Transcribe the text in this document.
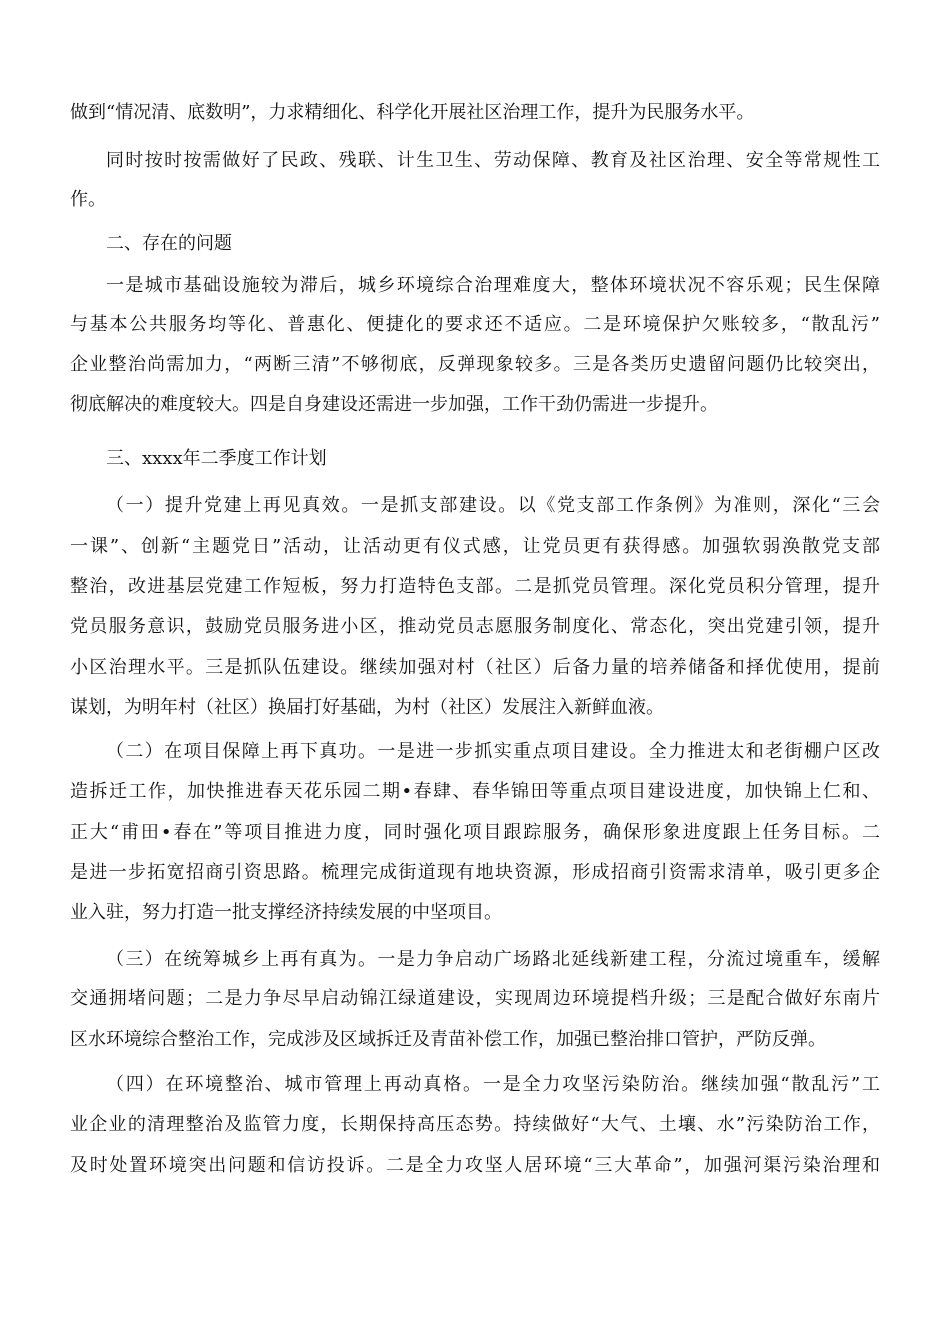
做到“情况清、底数明”，力求精细化、科学化开展社区治理工作，提升为民服务水平。
同时按时按需做好了民政、残联、计生卫生、劳动保障、教育及社区治理、安全等常规性工
作。
二、存在的问题
一是城市基础设施较为滞后，城乡环境综合治理难度大，整体环境状况不容乐观；民生保障
与基本公共服务均等化、普惠化、便捷化的要求还不适应。二是环境保护欠账较多，“散乱污”
企业整治尚需加力，“两断三清”不够彻底，反弹现象较多。三是各类历史遗留问题仍比较突出，
彻底解决的难度较大。四是自身建设还需进一步加强，工作干劲仍需进一步提升。
三、xxxx年二季度工作计划
（一）提升党建上再见真效。一是抓支部建设。以《党支部工作条例》为准则，深化“三会
一课”、创新“主题党日”活动，让活动更有仪式感，让党员更有获得感。加强软弱涣散党支部
整治，改进基层党建工作短板，努力打造特色支部。二是抓党员管理。深化党员积分管理，提升
党员服务意识，鼓励党员服务进小区，推动党员志愿服务制度化、常态化，突出党建引领，提升
小区治理水平。三是抓队伍建设。继续加强对村（社区）后备力量的培养储备和择优使用，提前
谋划，为明年村（社区）换届打好基础，为村（社区）发展注入新鲜血液。
（二）在项目保障上再下真功。一是进一步抓实重点项目建设。全力推进太和老街棚户区改
造拆迁工作，加快推进春天花乐园二期•春肆、春华锦田等重点项目建设进度，加快锦上仁和、
正大“甫田•春在”等项目推进力度，同时强化项目跟踪服务，确保形象进度跟上任务目标。二
是进一步拓宽招商引资思路。梳理完成街道现有地块资源，形成招商引资需求清单，吸引更多企
业入驻，努力打造一批支撑经济持续发展的中坚项目。
（三）在统筹城乡上再有真为。一是力争启动广场路北延线新建工程，分流过境重车，缓解
交通拥堵问题；二是力争尽早启动锦江绿道建设，实现周边环境提档升级；三是配合做好东南片
区水环境综合整治工作，完成涉及区域拆迁及青苗补偿工作，加强已整治排口管护，严防反弹。
（四）在环境整治、城市管理上再动真格。一是全力攻坚污染防治。继续加强“散乱污”工
业企业的清理整治及监管力度，长期保持高压态势。持续做好“大气、土壤、水”污染防治工作，
及时处置环境突出问题和信访投诉。二是全力攻坚人居环境“三大革命”，加强河渠污染治理和
